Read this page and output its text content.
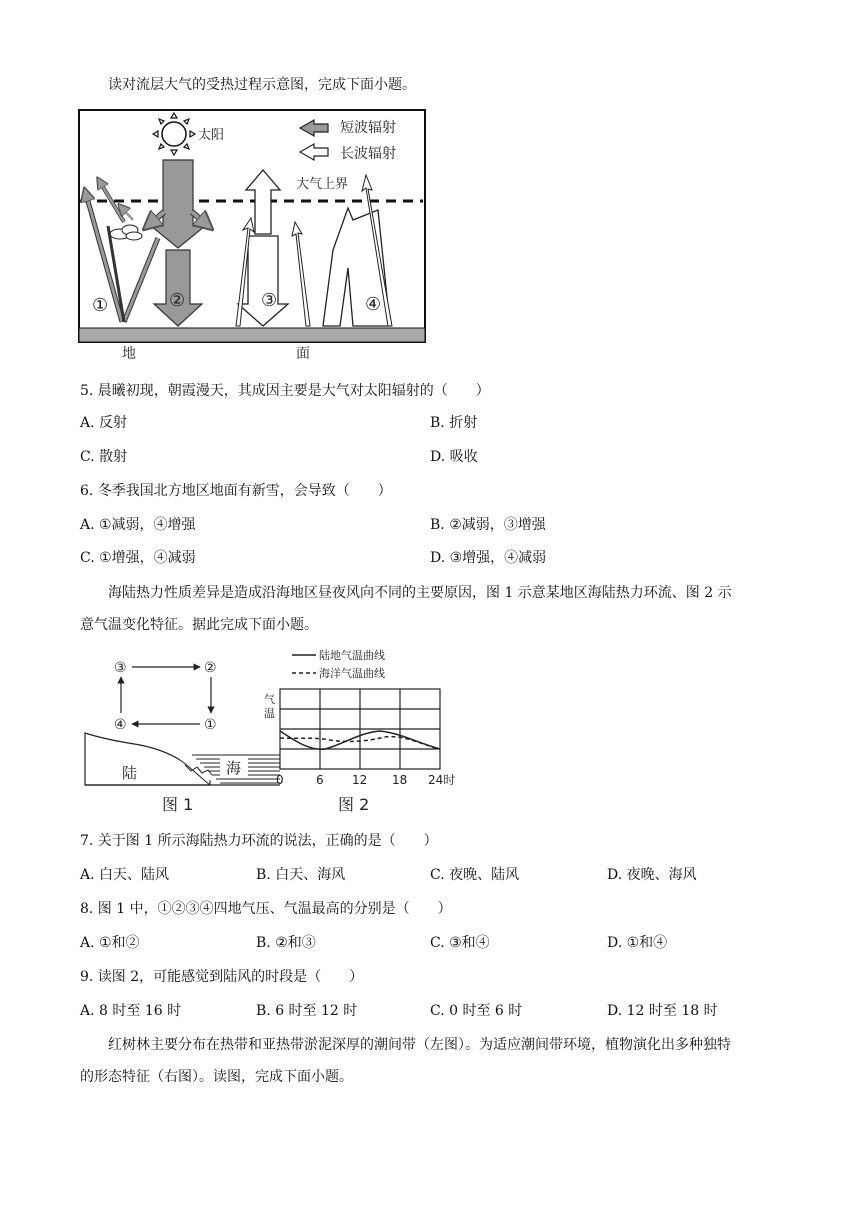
读对流层大气的受热过程示意图，完成下面小题。
太阳	短波辐射
长波辐射
大气上界
①	②	③	④
地	面
5. 晨曦初现，朝霞漫天，其成因主要是大气对太阳辐射的（　　）
A. 反射	B. 折射
C. 散射	D. 吸收
6. 冬季我国北方地区地面有新雪，会导致（　　）
A. ①减弱，④增强	B. ②减弱，③增强
C. ①增强，④减弱	D. ③增强，④减弱
海陆热力性质差异是造成沿海地区昼夜风向不同的主要原因，图 1 示意某地区海陆热力环流、图 2 示
意气温变化特征。据此完成下面小题。
③	②
①
④
陆	海
图 1
陆地气温曲线
海洋气温曲线
气
温
0	6 12 18 24时
图 2
7. 关于图 1 所示海陆热力环流的说法，正确的是（　　）
A. 白天、陆风	B. 白天、海风	C. 夜晚、陆风	D. 夜晚、海风
8. 图 1 中，①②③④四地气压、气温最高的分别是（　　）
A. ①和②	B. ②和③	C. ③和④	D. ①和④
9. 读图 2，可能感觉到陆风的时段是（　　）
A. 8 时至 16 时	B. 6 时至 12 时	C. 0 时至 6 时	D. 12 时至 18 时
红树林主要分布在热带和亚热带淤泥深厚的潮间带（左图）。为适应潮间带环境，植物演化出多种独特
的形态特征（右图）。读图，完成下面小题。
